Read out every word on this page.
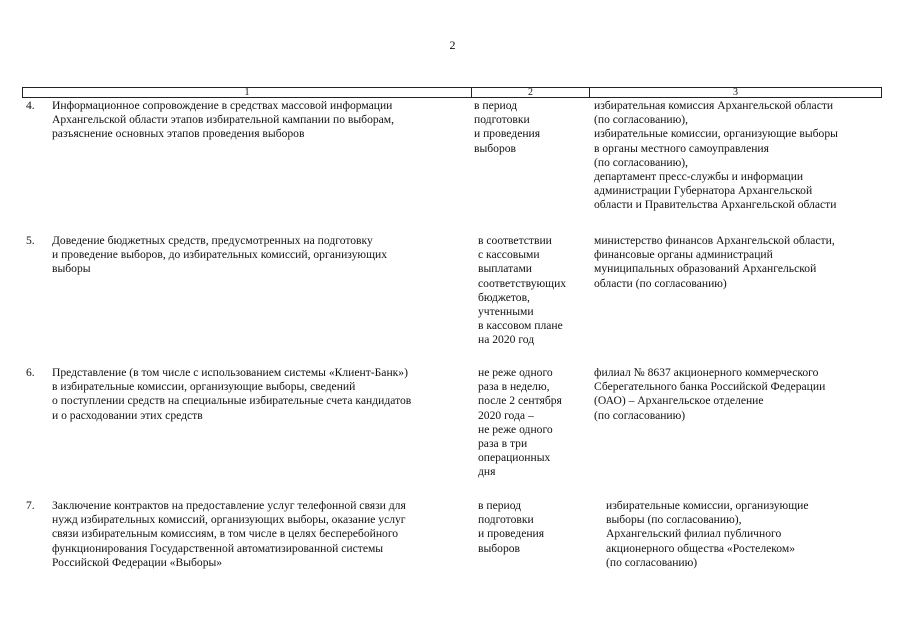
2
1	2	3
4. Информационное сопровождение в средствах массовой информации
Архангельской области этапов избирательной кампании по выборам,
разъяснение основных этапов проведения выборов
в период
подготовки
и проведения
выборов
избирательная комиссия Архангельской области
(по согласованию),
избирательные комиссии, организующие выборы
в органы местного самоуправления
(по согласованию),
департамент пресс-службы и информации
администрации Губернатора Архангельской
области и Правительства Архангельской области
5. Доведение бюджетных средств, предусмотренных на подготовку
и проведение выборов, до избирательных комиссий, организующих
выборы
в соответствии
с кассовыми
выплатами
соответствующих
бюджетов,
учтенными
в кассовом плане
на 2020 год
министерство финансов Архангельской области,
финансовые органы администраций
муниципальных образований Архангельской
области (по согласованию)
6. Представление (в том числе с использованием системы «Клиент-Банк»)
в избирательные комиссии, организующие выборы, сведений
о поступлении средств на специальные избирательные счета кандидатов
и о расходовании этих средств
не реже одного
раза в неделю,
после 2 сентября
2020 года –
не реже одного
раза в три
операционных
дня
филиал № 8637 акционерного коммерческого
Сберегательного банка Российской Федерации
(ОАО) – Архангельское отделение
(по согласованию)
7. Заключение контрактов на предоставление услуг телефонной связи для
нужд избирательных комиссий, организующих выборы, оказание услуг
связи избирательным комиссиям, в том числе в целях бесперебойного
функционирования Государственной автоматизированной системы
Российской Федерации «Выборы»
в период
подготовки
и проведения
выборов
избирательные комиссии, организующие
выборы (по согласованию),
Архангельский филиал публичного
акционерного общества «Ростелеком»
(по согласованию)
